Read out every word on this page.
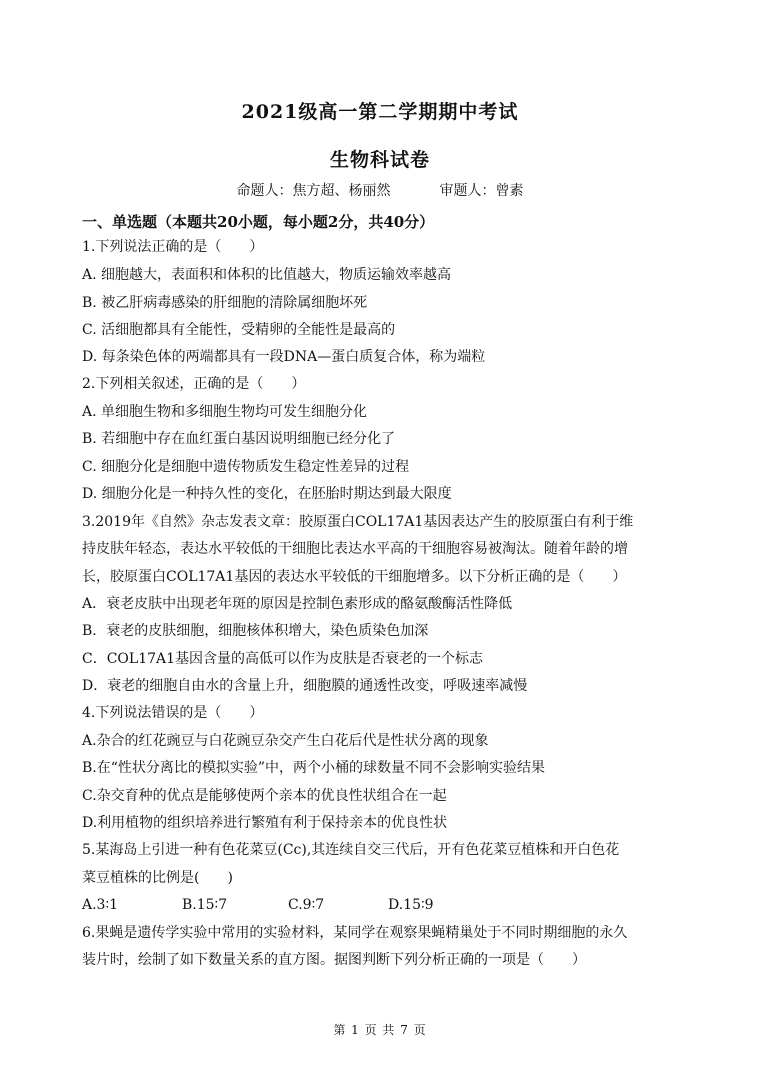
2021级高一第二学期期中考试
生物科试卷
命题人：焦方超、杨丽然	审题人：曾素
一、单选题（本题共20小题，每小题2分，共40分）
1.下列说法正确的是（　　）
A. 细胞越大，表面积和体积的比值越大，物质运输效率越高
B. 被乙肝病毒感染的肝细胞的清除属细胞坏死
C. 活细胞都具有全能性，受精卵的全能性是最高的
D. 每条染色体的两端都具有一段DNA—蛋白质复合体，称为端粒
2.下列相关叙述，正确的是（　　）
A. 单细胞生物和多细胞生物均可发生细胞分化
B. 若细胞中存在血红蛋白基因说明细胞已经分化了
C. 细胞分化是细胞中遗传物质发生稳定性差异的过程
D. 细胞分化是一种持久性的变化，在胚胎时期达到最大限度
3.2019年《自然》杂志发表文章：胶原蛋白COL17A1基因表达产生的胶原蛋白有利于维
持皮肤年轻态，表达水平较低的干细胞比表达水平高的干细胞容易被淘汰。随着年龄的增
长，胶原蛋白COL17A1基因的表达水平较低的干细胞增多。以下分析正确的是（　　）
A．衰老皮肤中出现老年斑的原因是控制色素形成的酪氨酸酶活性降低
B．衰老的皮肤细胞，细胞核体积增大，染色质染色加深
C．COL17A1基因含量的高低可以作为皮肤是否衰老的一个标志
D．衰老的细胞自由水的含量上升，细胞膜的通透性改变，呼吸速率减慢
4.下列说法错误的是（　　）
A.杂合的红花豌豆与白花豌豆杂交产生白花后代是性状分离的现象
B.在“性状分离比的模拟实验”中，两个小桶的球数量不同不会影响实验结果
C.杂交育种的优点是能够使两个亲本的优良性状组合在一起
D.利用植物的组织培养进行繁殖有利于保持亲本的优良性状
5.某海岛上引进一种有色花菜豆(Cc),其连续自交三代后，开有色花菜豆植株和开白色花
菜豆植株的比例是(　　)
A.3∶1	B.15∶7	C.9∶7	D.15∶9
6.果蝇是遗传学实验中常用的实验材料，某同学在观察果蝇精巢处于不同时期细胞的永久
装片时，绘制了如下数量关系的直方图。据图判断下列分析正确的一项是（　　）
第 1 页 共 7 页
